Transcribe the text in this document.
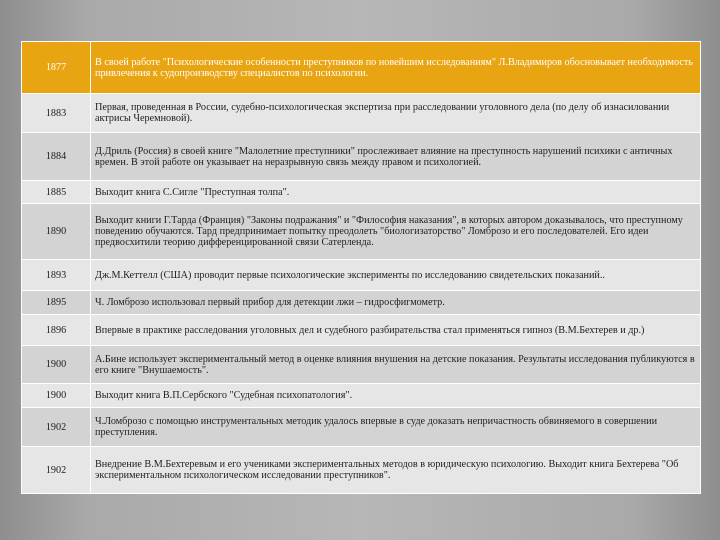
1877	В своей работе "Психологические особенности преступников по новейшим исследованиям" Л.Владимиров обосновывает необходимость привлечения к судопроизводству специалистов по психологии.
1883	Первая, проведенная в России, судебно-психологическая экспертиза при расследовании уголовного дела (по делу об изнасиловании актрисы Черемновой).
1884	Д.Дриль (Россия) в своей книге "Малолетние преступники" прослеживает влияние на преступность нарушений психики с античных времен. В этой работе он указывает на неразрывную связь между правом и психологией.
1885	Выходит книга С.Сигле "Преступная толпа".
1890	Выходит книги Г.Тарда (Франция) "Законы подражания" и "Философия наказания", в которых автором доказывалось, что преступному поведению обучаются. Тард предпринимает попытку преодолеть "биологизаторство" Ломброзо и его последователей. Его идеи предвосхитили теорию дифференцированной связи Сатерленда.
1893	Дж.М.Кеттелл (США) проводит первые психологические эксперименты по исследованию свидетельских показаний..
1895	Ч. Ломброзо использовал первый прибор для детекции лжи – гидросфигмометр.
1896	Впервые в практике расследования уголовных дел и судебного разбирательства стал применяться гипноз (В.М.Бехтерев и др.)
1900	А.Бине использует экспериментальный метод в оценке влияния внушения на детские показания. Результаты исследования публикуются в его книге "Внушаемость".
1900	Выходит книга В.П.Сербского "Судебная психопатология".
1902	Ч.Ломброзо с помощью инструментальных методик удалось впервые в суде доказать непричастность обвиняемого в совершении преступления.
1902	Внедрение В.М.Бехтеревым и его учениками экспериментальных методов в юридическую психологию. Выходит книга Бехтерева "Об экспериментальном психологическом исследовании преступников".
